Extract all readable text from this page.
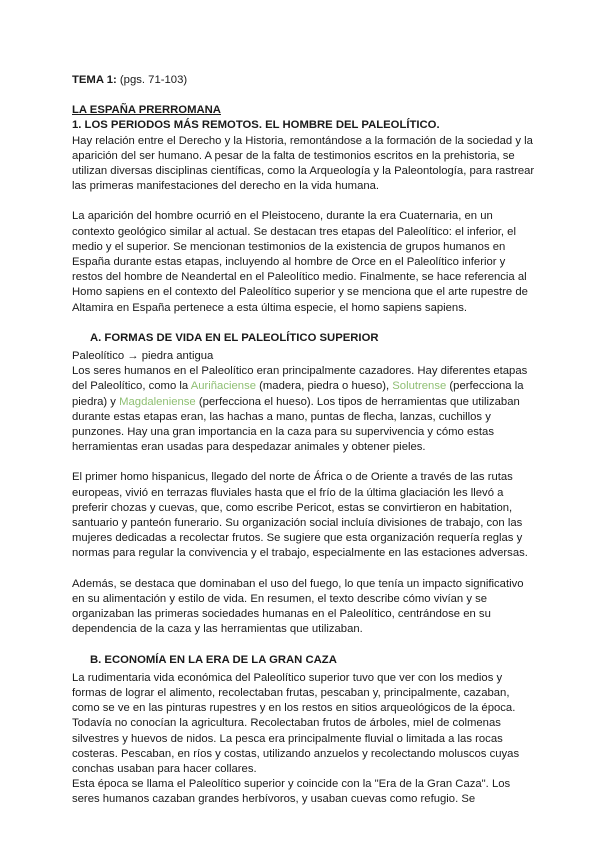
TEMA 1: (pgs. 71-103)

LA ESPAÑA PRERROMANA

1. LOS PERIODOS MÁS REMOTOS. EL HOMBRE DEL PALEOLÍTICO.

Hay relación entre el Derecho y la Historia, remontándose a la formación de la sociedad y la aparición del ser humano. A pesar de la falta de testimonios escritos en la prehistoria, se utilizan diversas disciplinas científicas, como la Arqueología y la Paleontología, para rastrear las primeras manifestaciones del derecho en la vida humana.

La aparición del hombre ocurrió en el Pleistoceno, durante la era Cuaternaria, en un contexto geológico similar al actual. Se destacan tres etapas del Paleolítico: el inferior, el medio y el superior. Se mencionan testimonios de la existencia de grupos humanos en España durante estas etapas, incluyendo al hombre de Orce en el Paleolítico inferior y restos del hombre de Neandertal en el Paleolítico medio. Finalmente, se hace referencia al Homo sapiens en el contexto del Paleolítico superior y se menciona que el arte rupestre de Altamira en España pertenece a esta última especie, el homo sapiens sapiens.

A. FORMAS DE VIDA EN EL PALEOLÍTICO SUPERIOR

Paleolítico → piedra antigua

Los seres humanos en el Paleolítico eran principalmente cazadores. Hay diferentes etapas del Paleolítico, como la Auriñaciense (madera, piedra o hueso), Solutrense (perfecciona la piedra) y Magdaleniense (perfecciona el hueso). Los tipos de herramientas que utilizaban durante estas etapas eran, las hachas a mano, puntas de flecha, lanzas, cuchillos y punzones. Hay una gran importancia en la caza para su supervivencia y cómo estas herramientas eran usadas para despedazar animales y obtener pieles.

El primer homo hispanicus, llegado del norte de África o de Oriente a través de las rutas europeas, vivió en terrazas fluviales hasta que el frío de la última glaciación les llevó a preferir chozas y cuevas, que, como escribe Pericot, estas se convirtieron en habitation, santuario y panteón funerario. Su organización social incluía divisiones de trabajo, con las mujeres dedicadas a recolectar frutos. Se sugiere que esta organización requería reglas y normas para regular la convivencia y el trabajo, especialmente en las estaciones adversas.

Además, se destaca que dominaban el uso del fuego, lo que tenía un impacto significativo en su alimentación y estilo de vida. En resumen, el texto describe cómo vivían y se organizaban las primeras sociedades humanas en el Paleolítico, centrándose en su dependencia de la caza y las herramientas que utilizaban.

B. ECONOMÍA EN LA ERA DE LA GRAN CAZA

La rudimentaria vida económica del Paleolítico superior tuvo que ver con los medios y formas de lograr el alimento, recolectaban frutas, pescaban y, principalmente, cazaban, como se ve en las pinturas rupestres y en los restos en sitios arqueológicos de la época. Todavía no conocían la agricultura. Recolectaban frutos de árboles, miel de colmenas silvestres y huevos de nidos. La pesca era principalmente fluvial o limitada a las rocas costeras. Pescaban, en ríos y costas, utilizando anzuelos y recolectando moluscos cuyas conchas usaban para hacer collares.

Esta época se llama el Paleolítico superior y coincide con la "Era de la Gran Caza". Los seres humanos cazaban grandes herbívoros, y usaban cuevas como refugio. Se
